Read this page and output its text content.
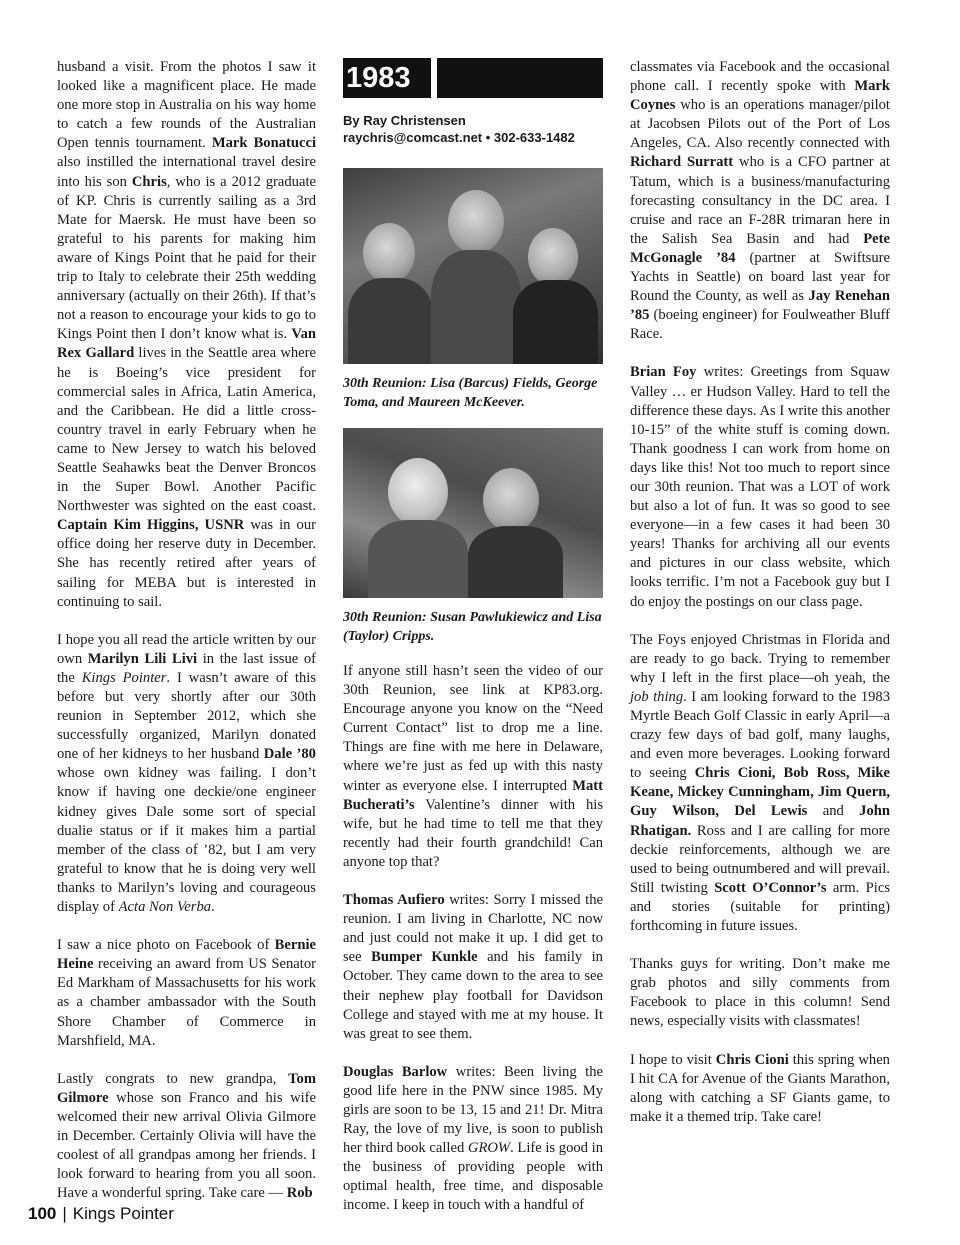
husband a visit. From the photos I saw it looked like a magnificent place. He made one more stop in Australia on his way home to catch a few rounds of the Australian Open tennis tournament. Mark Bonatucci also instilled the international travel desire into his son Chris, who is a 2012 graduate of KP. Chris is currently sailing as a 3rd Mate for Maersk. He must have been so grateful to his parents for making him aware of Kings Point that he paid for their trip to Italy to celebrate their 25th wedding anniversary (actually on their 26th). If that’s not a reason to encourage your kids to go to Kings Point then I don’t know what is. Van Rex Gallard lives in the Seattle area where he is Boeing’s vice president for commercial sales in Africa, Latin America, and the Caribbean. He did a little cross-country travel in early February when he came to New Jersey to watch his beloved Seattle Seahawks beat the Denver Broncos in the Super Bowl. Another Pacific Northwester was sighted on the east coast. Captain Kim Higgins, USNR was in our office doing her reserve duty in December. She has recently retired after years of sailing for MEBA but is interested in continuing to sail.

I hope you all read the article written by our own Marilyn Lili Livi in the last issue of the Kings Pointer. I wasn’t aware of this before but very shortly after our 30th reunion in September 2012, which she successfully organized, Marilyn donated one of her kidneys to her husband Dale ’80 whose own kidney was failing. I don’t know if having one deckie/one engineer kidney gives Dale some sort of special dualie status or if it makes him a partial member of the class of ’82, but I am very grateful to know that he is doing very well thanks to Marilyn’s loving and courageous display of Acta Non Verba.

I saw a nice photo on Facebook of Bernie Heine receiving an award from US Senator Ed Markham of Massachusetts for his work as a chamber ambassador with the South Shore Chamber of Commerce in Marshfield, MA.

Lastly congrats to new grandpa, Tom Gilmore whose son Franco and his wife welcomed their new arrival Olivia Gilmore in December. Certainly Olivia will have the coolest of all grandpas among her friends. I look forward to hearing from you all soon. Have a wonderful spring. Take care — Rob

1983
By Ray Christensen
raychris@comcast.net • 302-633-1482
30th Reunion: Lisa (Barcus) Fields, George Toma, and Maureen McKeever.
30th Reunion: Susan Pawlukiewicz and Lisa (Taylor) Cripps.

If anyone still hasn’t seen the video of our 30th Reunion, see link at KP83.org. Encourage anyone you know on the “Need Current Contact” list to drop me a line. Things are fine with me here in Delaware, where we’re just as fed up with this nasty winter as everyone else. I interrupted Matt Bucherati’s Valentine’s dinner with his wife, but he had time to tell me that they recently had their fourth grandchild! Can anyone top that?

Thomas Aufiero writes: Sorry I missed the reunion. I am living in Charlotte, NC now and just could not make it up. I did get to see Bumper Kunkle and his family in October. They came down to the area to see their nephew play football for Davidson College and stayed with me at my house. It was great to see them.

Douglas Barlow writes: Been living the good life here in the PNW since 1985. My girls are soon to be 13, 15 and 21! Dr. Mitra Ray, the love of my live, is soon to publish her third book called GROW. Life is good in the business of providing people with optimal health, free time, and disposable income. I keep in touch with a handful of

classmates via Facebook and the occasional phone call. I recently spoke with Mark Coynes who is an operations manager/pilot at Jacobsen Pilots out of the Port of Los Angeles, CA. Also recently connected with Richard Surratt who is a CFO partner at Tatum, which is a business/manufacturing forecasting consultancy in the DC area. I cruise and race an F-28R trimaran here in the Salish Sea Basin and had Pete McGonagle ’84 (partner at Swiftsure Yachts in Seattle) on board last year for Round the County, as well as Jay Renehan ’85 (boeing engineer) for Foulweather Bluff Race.

Brian Foy writes: Greetings from Squaw Valley … er Hudson Valley. Hard to tell the difference these days. As I write this another 10-15” of the white stuff is coming down. Thank goodness I can work from home on days like this! Not too much to report since our 30th reunion. That was a LOT of work but also a lot of fun. It was so good to see everyone—in a few cases it had been 30 years! Thanks for archiving all our events and pictures in our class website, which looks terrific. I’m not a Facebook guy but I do enjoy the postings on our class page.

The Foys enjoyed Christmas in Florida and are ready to go back. Trying to remember why I left in the first place—oh yeah, the job thing. I am looking forward to the 1983 Myrtle Beach Golf Classic in early April—a crazy few days of bad golf, many laughs, and even more beverages. Looking forward to seeing Chris Cioni, Bob Ross, Mike Keane, Mickey Cunningham, Jim Quern, Guy Wilson, Del Lewis and John Rhatigan. Ross and I are calling for more deckie reinforcements, although we are used to being outnumbered and will prevail. Still twisting Scott O’Connor’s arm. Pics and stories (suitable for printing) forthcoming in future issues.

Thanks guys for writing. Don’t make me grab photos and silly comments from Facebook to place in this column! Send news, especially visits with classmates!

I hope to visit Chris Cioni this spring when I hit CA for Avenue of the Giants Marathon, along with catching a SF Giants game, to make it a themed trip. Take care!

100 | Kings Pointer
